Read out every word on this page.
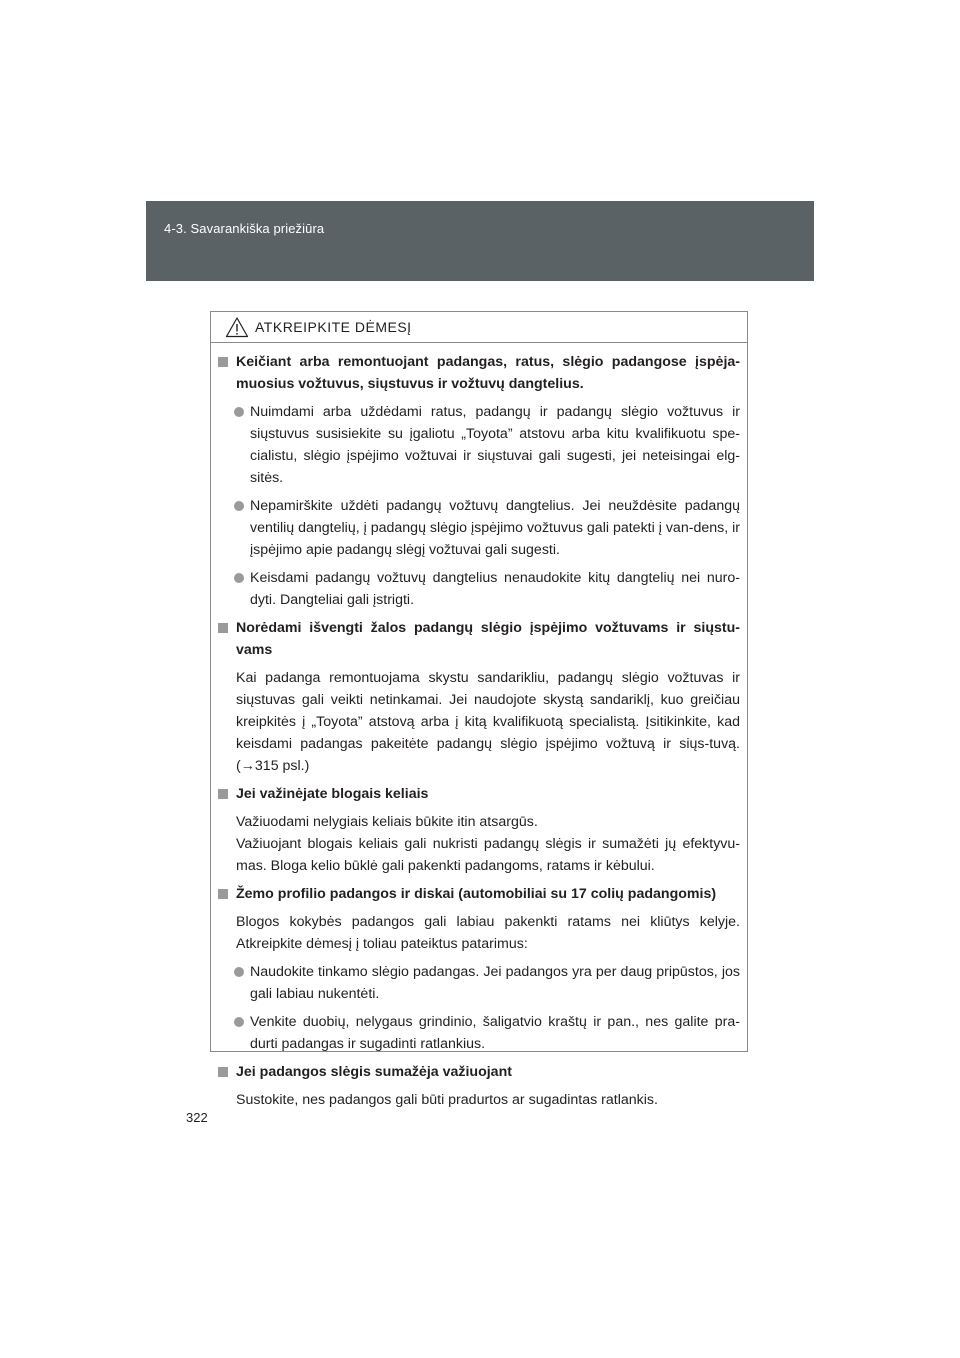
4-3. Savarankiška priežiūra
ATKREIPKITE DĖMESĮ
Keičiant arba remontuojant padangas, ratus, slėgio padangose įspėja-muosius vožtuvus, siųstuvus ir vožtuvų dangtelius.
Nuimdami arba uždėdami ratus, padangų ir padangų slėgio vožtuvus ir siųstuvus susisiekite su įgaliotu „Toyota” atstovu arba kitu kvalifikuotu spe-cialistu, slėgio įspėjimo vožtuvai ir siųstuvai gali sugesti, jei neteisingai elg-sitės.
Nepamirškite uždėti padangų vožtuvų dangtelius. Jei neuždėsite padangų ventilių dangtelių, į padangų slėgio įspėjimo vožtuvus gali patekti į van-dens, ir įspėjimo apie padangų slėgį vožtuvai gali sugesti.
Keisdami padangų vožtuvų dangtelius nenaudokite kitų dangtelių nei nuro-dyti. Dangteliai gali įstrigti.
Norėdami išvengti žalos padangų slėgio įspėjimo vožtuvams ir siųstu-vams
Kai padanga remontuojama skystu sandarikliu, padangų slėgio vožtuvas ir siųstuvas gali veikti netinkamai. Jei naudojote skystą sandariklį, kuo greičiau kreipkitės į „Toyota” atstovą arba į kitą kvalifikuotą specialistą. Įsitikinkite, kad keisdami padangas pakeitėte padangų slėgio įspėjimo vožtuvą ir siųs-tuvą. (→315 psl.)
Jei važinėjate blogais keliais
Važiuodami nelygiais keliais būkite itin atsargūs.
Važiuojant blogais keliais gali nukristi padangų slėgis ir sumažėti jų efektyvu-mas. Bloga kelio būklė gali pakenkti padangoms, ratams ir kėbului.
Žemo profilio padangos ir diskai (automobiliai su 17 colių padangomis)
Blogos kokybės padangos gali labiau pakenkti ratams nei kliūtys kelyje. Atkreipkite dėmesį į toliau pateiktus patarimus:
Naudokite tinkamo slėgio padangas. Jei padangos yra per daug pripūstos, jos gali labiau nukentėti.
Venkite duobių, nelygaus grindinio, šaligatvio kraštų ir pan., nes galite pra-durti padangas ir sugadinti ratlankius.
Jei padangos slėgis sumažėja važiuojant
Sustokite, nes padangos gali būti pradurtos ar sugadintas ratlankis.
322
